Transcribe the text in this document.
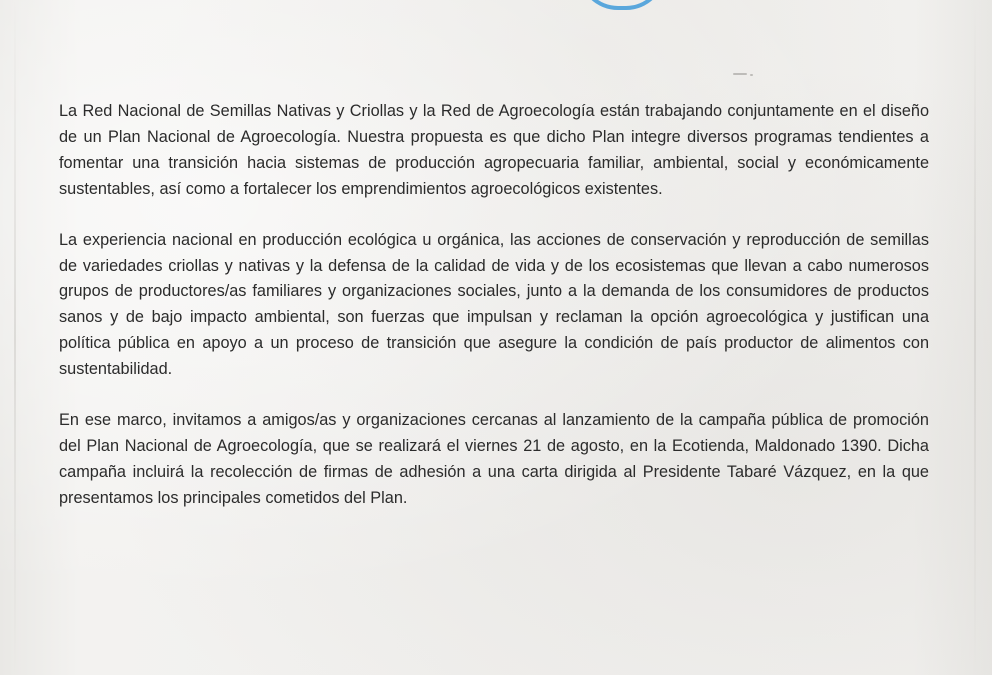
La Red Nacional de Semillas Nativas y Criollas y la Red de Agroecología están trabajando conjuntamente en el diseño de un Plan Nacional de Agroecología. Nuestra propuesta es que dicho Plan integre diversos programas tendientes a fomentar una transición hacia sistemas de producción agropecuaria familiar, ambiental, social y económicamente sustentables, así como a fortalecer los emprendimientos agroecológicos existentes.

La experiencia nacional en producción ecológica u orgánica, las acciones de conservación y reproducción de semillas de variedades criollas y nativas y la defensa de la calidad de vida y de los ecosistemas que llevan a cabo numerosos grupos de productores/as familiares y organizaciones sociales, junto a la demanda de los consumidores de productos sanos y de bajo impacto ambiental, son fuerzas que impulsan y reclaman la opción agroecológica y justifican una política pública en apoyo a un proceso de transición que asegure la condición de país productor de alimentos con sustentabilidad.

En ese marco, invitamos a amigos/as y organizaciones cercanas al lanzamiento de la campaña pública de promoción del Plan Nacional de Agroecología, que se realizará el viernes 21 de agosto, en la Ecotienda, Maldonado 1390. Dicha campaña incluirá la recolección de firmas de adhesión a una carta dirigida al Presidente Tabaré Vázquez, en la que presentamos los principales cometidos del Plan.
